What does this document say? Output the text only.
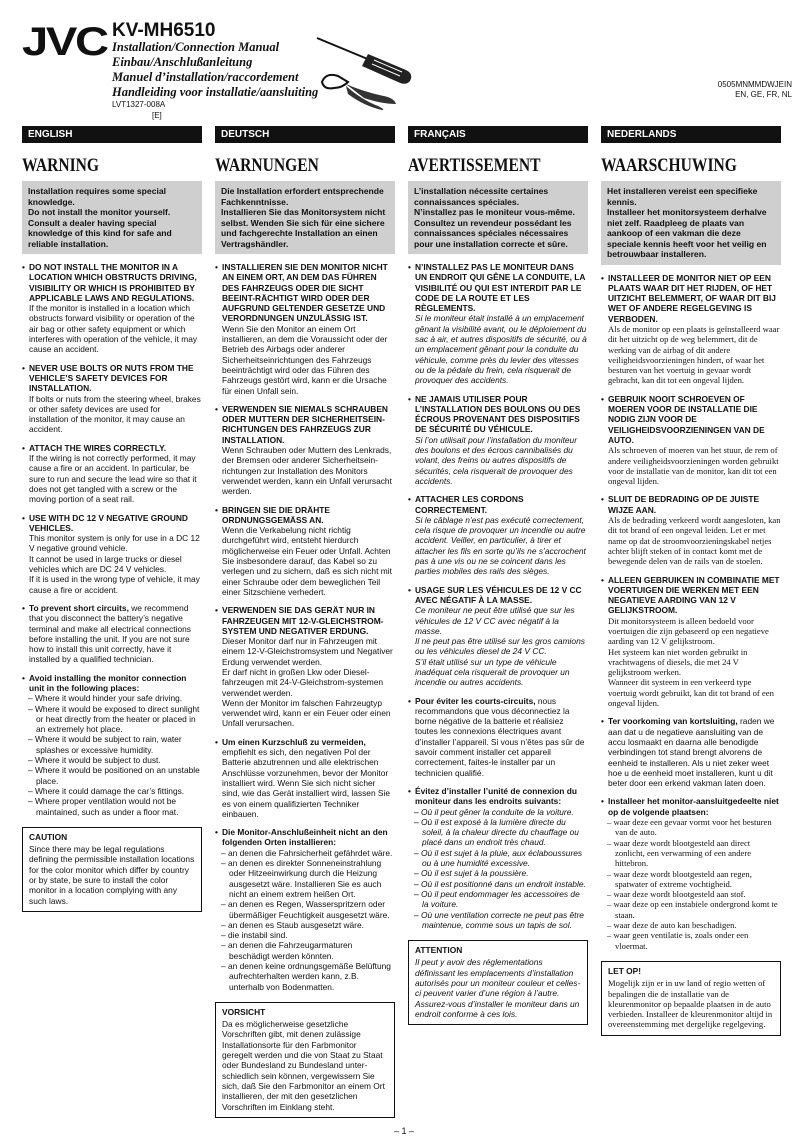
JVC KV-MH6510
Installation/Connection Manual
Einbau/Anschlußanleitung
Manuel d’installation/raccordement
Handleiding voor installatie/aansluiting
LVT1327-008A
[E]
0505MNMMDWJEIN
EN, GE, FR, NL
ENGLISH
WARNING
Installation requires some special knowledge.
Do not install the monitor yourself. Consult a dealer having special knowledge of this kind for safe and reliable installation.
• DO NOT INSTALL THE MONITOR IN A LOCATION WHICH OBSTRUCTS DRIVING, VISIBILITY OR WHICH IS PROHIBITED BY APPLICABLE LAWS AND REGULATIONS.
If the monitor is installed in a location which obstructs forward visibility or operation of the air bag or other safety equipment or which interferes with operation of the vehicle, it may cause an accident.
• NEVER USE BOLTS OR NUTS FROM THE VEHICLE’S SAFETY DEVICES FOR INSTALLATION.
If bolts or nuts from the steering wheel, brakes or other safety devices are used for installation of the monitor, it may cause an accident.
• ATTACH THE WIRES CORRECTLY.
If the wiring is not correctly performed, it may cause a fire or an accident. In particular, be sure to run and secure the lead wire so that it does not get tangled with a screw or the moving portion of a seat rail.
• USE WITH DC 12 V NEGATIVE GROUND VEHICLES.
This monitor system is only for use in a DC 12 V negative ground vehicle.
It cannot be used in large trucks or diesel vehicles which are DC 24 V vehicles.
If it is used in the wrong type of vehicle, it may cause a fire or accident.
• To prevent short circuits, we recommend that you disconnect the battery’s negative terminal and make all electrical connections before installing the unit. If you are not sure how to install this unit correctly, have it installed by a qualified technician.
• Avoid installing the monitor connection unit in the following places:
– Where it would hinder your safe driving.
– Where it would be exposed to direct sunlight or heat directly from the heater or placed in an extremely hot place.
– Where it would be subject to rain, water splashes or excessive humidity.
– Where it would be subject to dust.
– Where it would be positioned on an unstable place.
– Where it could damage the car’s fittings.
– Where proper ventilation would not be maintained, such as under a floor mat.
CAUTION
Since there may be legal regulations defining the permissible installation locations for the color monitor which differ by country or by state, be sure to install the color monitor in a location complying with any such laws.
DEUTSCH
WARNUNGEN
Die Installation erfordert entsprechende Fachkenntnisse.
Installieren Sie das Monitorsystem nicht selbst. Wenden Sie sich für eine sichere und fachgerechte Installation an einen Vertragshändler.
• INSTALLIEREN SIE DEN MONITOR NICHT AN EINEM ORT, AN DEM DAS FÜHREN DES FAHRZEUGS ODER DIE SICHT BEEINT-RÄCHTIGT WIRD ODER DER AUFGRUND GELTENDER GESETZE UND VERORDNUNGEN UNZULÄSSIG IST.
Wenn Sie den Monitor an einem Ort installieren, an dem die Voraussicht oder der Betrieb des Airbags oder anderer Sicherheitseinrichtungen des Fahrzeugs beeinträchtigt wird oder das Führen des Fahrzeugs gestört wird, kann er die Ursache für einen Unfall sein.
• VERWENDEN SIE NIEMALS SCHRAUBEN ODER MUTTERN DER SICHERHEITSEIN-RICHTUNGEN DES FAHRZEUGS ZUR INSTALLATION.
Wenn Schrauben oder Muttern des Lenkrads, der Bremsen oder anderer Sicherheitsein-richtungen zur Installation des Monitors verwendet werden, kann ein Unfall verursacht werden.
• BRINGEN SIE DIE DRÄHTE ORDNUNGSGEMÄSS AN.
Wenn die Verkabelung nicht richtig durchgeführt wird, entsteht hierdurch möglicherweise ein Feuer oder Unfall. Achten Sie insbesondere darauf, das Kabel so zu verlegen und zu sichern, daß es sich nicht mit einer Schraube oder dem beweglichen Teil einer Sitzschiene verhedert.
• VERWENDEN SIE DAS GERÄT NUR IN FAHRZEUGEN MIT 12-V-GLEICHSTROM-SYSTEM UND NEGATIVER ERDUNG.
Dieser Monitor darf nur in Fahrzeugen mit einem 12-V-Gleichstromsystem und Negativer Erdung verwendet werden.
Er darf nicht in großen Lkw oder Diesel-fahrzeugen mit 24-V-Gleichstrom-systemen verwendet werden.
Wenn der Monitor im falschen Fahrzeugtyp verwendet wird, kann er ein Feuer oder einen Unfall verursachen.
• Um einen Kurzschluß zu vermeiden, empfiehlt es sich, den negativen Pol der Batterie abzutrennen und alle elektrischen Anschlüsse vorzunehmen, bevor der Monitor installiert wird. Wenn Sie sich nicht sicher sind, wie das Gerät installiert wird, lassen Sie es von einem qualifizierten Techniker einbauen.
• Die Monitor-Anschlußeinheit nicht an den folgenden Orten installieren:
– an denen die Fahrsicherheit gefährdet wäre.
– an denen es direkter Sonneneinstrahlung oder Hitzeeinwirkung durch die Heizung ausgesetzt wäre. Installieren Sie es auch nicht an einem extrem heißen Ort.
– an denen es Regen, Wasserspritzern oder übermäßiger Feuchtigkeit ausgesetzt wäre.
– an denen es Staub ausgesetzt wäre.
– die instabil sind.
– an denen die Fahrzeugarmaturen beschädigt werden könnten.
– an denen keine ordnungsgemäße Belüftung aufrechterhalten werden kann, z.B. unterhalb von Bodenmatten.
VORSICHT
Da es möglicherweise gesetzliche Vorschriften gibt, mit denen zulässige Installationsorte für den Farbmonitor geregelt werden und die von Staat zu Staat oder Bundesland zu Bundesland unter-schiedlich sein können, vergewissern Sie sich, daß Sie den Farbmonitor an einem Ort installieren, der mit den gesetzlichen Vorschriften im Einklang steht.
FRANÇAIS
AVERTISSEMENT
L’installation nécessite certaines connaissances spéciales.
N’installez pas le moniteur vous-même. Consultez un revendeur possédant les connaissances spéciales nécessaires pour une installation correcte et sûre.
• N’INSTALLEZ PAS LE MONITEUR DANS UN ENDROIT QUI GÊNE LA CONDUITE, LA VISIBILITÉ OU QUI EST INTERDIT PAR LE CODE DE LA ROUTE ET LES RÈGLEMENTS.
Si le moniteur était installé à un emplacement gênant la visibilité avant, ou le déploiement du sac à air, et autres dispositifs de sécurité, ou à un emplacement gênant pour la conduite du véhicule, comme près du levier des vitesses ou de la pédale du frein, cela risquerait de provoquer des accidents.
• NE JAMAIS UTILISER POUR L’INSTALLATION DES BOULONS OU DES ÉCROUS PROVENANT DES DISPOSITIFS DE SÉCURITÉ DU VÉHICULE.
Si l’on utilisait pour l’installation du moniteur des boulons et des écrous cannibalisés du volant, des freins ou autres dispositifs de sécurités, cela risquerait de provoquer des accidents.
• ATTACHER LES CORDONS CORRECTEMENT.
Si le câblage n’est pas exécuté correctement, cela risque de provoquer un incendie ou autre accident. Veiller, en particulier, à tirer et attacher les fils en sorte qu’ils ne s’accrochent pas à une vis ou ne se coincent dans les parties mobiles des rails des sièges.
• USAGE SUR LES VÉHICULES DE 12 V CC AVEC NÉGATIF À LA MASSE.
Ce moniteur ne peut être utilisé que sur les véhicules de 12 V CC avec négatif à la masse.
Il ne peut pas être utilisé sur les gros camions ou les véhicules diesel de 24 V CC.
S’il était utilisé sur un type de véhicule inadéquat cela risquerait de provoquer un incendie ou autres accidents.
• Pour éviter les courts-circuits, nous recommandons que vous déconnectiez la borne négative de la batterie et réalisiez toutes les connexions électriques avant d’installer l’appareil. Si vous n’êtes pas sûr de savoir comment installer cet appareil correctement, faites-le installer par un technicien qualifié.
• Évitez d’installer l’unité de connexion du moniteur dans les endroits suivants:
– Où il peut gêner la conduite de la voiture.
– Où il est exposé à la lumière directe du soleil, à la chaleur directe du chauffage ou placé dans un endroit très chaud.
– Où il est sujet à la pluie, aux éclaboussures ou à une humidité excessive.
– Où il est sujet à la poussière.
– Où il est positionné dans un endroit instable.
– Où il peut endommager les accessoires de la voiture.
– Où une ventilation correcte ne peut pas être maintenue, comme sous un tapis de sol.
ATTENTION
Il peut y avoir des réglementations définissant les emplacements d’installation autorisés pour un moniteur couleur et celles-ci peuvent varier d’une région à l’autre. Assurez-vous d’installer le moniteur dans un endroit conforme à ces lois.
NEDERLANDS
WAARSCHUWING
Het installeren vereist een specifieke kennis.
Installeer het monitorsysteem derhalve niet zelf. Raadpleeg de plaats van aankoop of een vakman die deze speciale kennis heeft voor het veilig en betrouwbaar installeren.
• INSTALLEER DE MONITOR NIET OP EEN PLAATS WAAR DIT HET RIJDEN, OF HET UITZICHT BELEMMERT, OF WAAR DIT BIJ WET OF ANDERE REGELGEVING IS VERBODEN.
Als de monitor op een plaats is geïnstalleerd waar dit het uitzicht op de weg belemmert, dit de werking van de airbag of dit andere veiligheidsvoorzieningen hindert, of waar het besturen van het voertuig in gevaar wordt gebracht, kan dit tot een ongeval lijden.
• GEBRUIK NOOIT SCHROEVEN OF MOEREN VOOR DE INSTALLATIE DIE NODIG ZIJN VOOR DE VEILIGHEIDSVOORZIENINGEN VAN DE AUTO.
Als schroeven of moeren van het stuur, de rem of andere veiligheidsvoorzieningen worden gebruikt voor de installatie van de monitor, kan dit tot een ongeval lijden.
• SLUIT DE BEDRADING OP DE JUISTE WIJZE AAN.
Als de bedrading verkeerd wordt aangesloten, kan dit tot brand of een ongeval leiden. Let er met name op dat de stroomvoorzieningskabel netjes achter blijft steken of in contact komt met de bewegende delen van de rails van de stoelen.
• ALLEEN GEBRUIKEN IN COMBINATIE MET VOERTUIGEN DIE WERKEN MET EEN NEGATIEVE AARDING VAN 12 V GELIJKSTROOM.
Dit monitorsysteem is alleen bedoeld voor voertuigen die zijn gebaseerd op een negatieve aarding van 12 V gelijkstroom.
Het systeem kan niet worden gebruikt in vrachtwagens of diesels, die met 24 V gelijkstroom werken.
Wanneer dit systeem in een verkeerd type voertuig wordt gebruikt, kan dit tot brand of een ongeval lijden.
• Ter voorkoming van kortsluiting, raden we aan dat u de negatieve aansluiting van de accu losmaakt en daarna alle benodigde verbindingen tot stand brengt alvorens de eenheid te installeren. Als u niet zeker weet hoe u de eenheid moet installeren, kunt u dit beter door een erkend vakman laten doen.
• Installeer het monitor-aansluitgedeelte niet op de volgende plaatsen:
– waar deze een gevaar vormt voor het besturen van de auto.
– waar deze wordt blootgesteld aan direct zonlicht, een verwarming of een andere hittebron.
– waar deze wordt blootgesteld aan regen, spatwater of extreme vochtigheid.
– waar deze wordt blootgesteld aan stof.
– waar deze op een instabiele ondergrond komt te staan.
– waar deze de auto kan beschadigen.
– waar geen ventilatie is, zoals onder een vloermat.
LET OP!
Mogelijk zijn er in uw land of regio wetten of bepalingen die de installatie van de kleurenmonitor op bepaalde plaatsen in de auto verbieden. Installeer de kleurenmonitor altijd in overeenstemming met dergelijke regelgeving.
– 1 –
